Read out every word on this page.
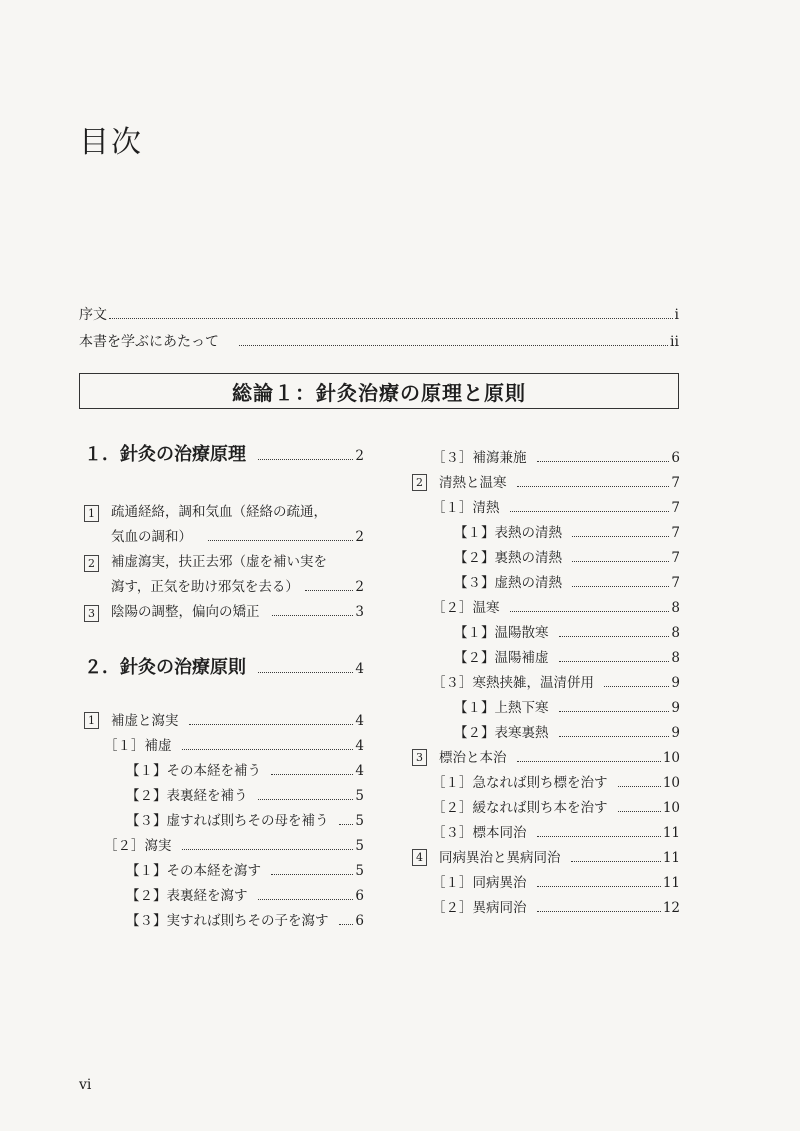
目次
序文	i
本書を学ぶにあたって	ii
総論１：針灸治療の原理と原則
１．針灸の治療原理	2
1 疏通経絡，調和気血（経絡の疏通，
気血の調和）	2
2 補虚瀉実，扶正去邪（虚を補い実を
瀉す，正気を助け邪気を去る）	2
3 陰陽の調整，偏向の矯正	3
２．針灸の治療原則	4
1 補虚と瀉実	4
［１］補虚	4
【１】その本経を補う	4
【２】表裏経を補う	5
【３】虚すれば則ちその母を補う 5
［２］瀉実	5
【１】その本経を瀉す	5
【２】表裏経を瀉す	6
【３】実すれば則ちその子を瀉す 6
［３］補瀉兼施	6
2 清熱と温寒	7
［１］清熱	7
【１】表熱の清熱	7
【２】裏熱の清熱	7
【３】虚熱の清熱	7
［２］温寒	8
【１】温陽散寒	8
【２】温陽補虚	8
［３］寒熱挟雑，温清併用	9
【１】上熱下寒	9
【２】表寒裏熱	9
3 標治と本治	10
［１］急なれば則ち標を治す	10
［２］緩なれば則ち本を治す	10
［３］標本同治	11
4 同病異治と異病同治	11
［１］同病異治	11
［２］異病同治	12
vi
